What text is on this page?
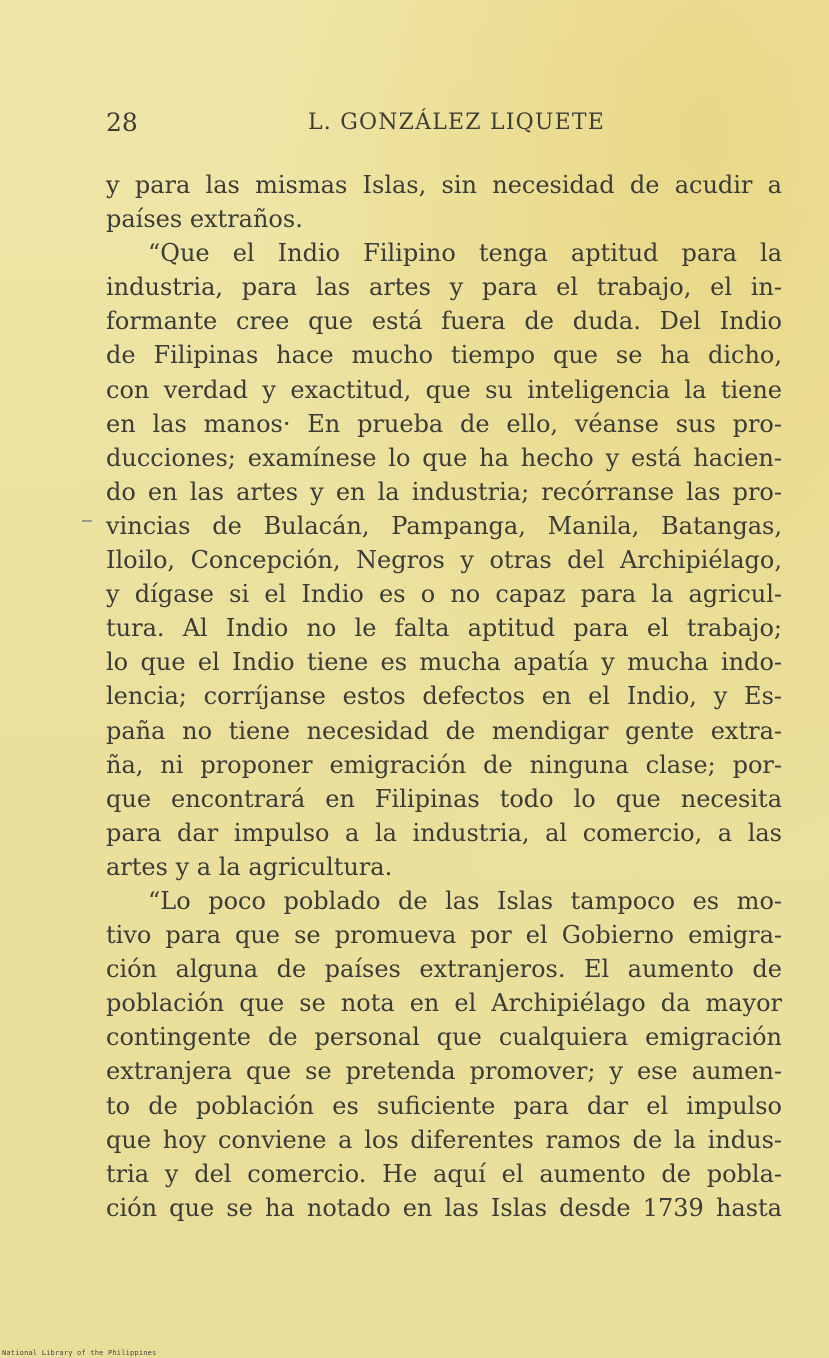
28	L. GONZÁLEZ LIQUETE
y para las mismas Islas, sin necesidad de acudir a
países extraños.
“Que el Indio Filipino tenga aptitud para la
industria, para las artes y para el trabajo, el in-
formante cree que está fuera de duda. Del Indio
de Filipinas hace mucho tiempo que se ha dicho,
con verdad y exactitud, que su inteligencia la tiene
en las manos· En prueba de ello, véanse sus pro-
ducciones; examínese lo que ha hecho y está hacien-
do en las artes y en la industria; recórranse las pro-
vincias de Bulacán, Pampanga, Manila, Batangas,
Iloilo, Concepción, Negros y otras del Archipiélago,
y dígase si el Indio es o no capaz para la agricul-
tura. Al Indio no le falta aptitud para el trabajo;
lo que el Indio tiene es mucha apatía y mucha indo-
lencia; corríjanse estos defectos en el Indio, y Es-
paña no tiene necesidad de mendigar gente extra-
ña, ni proponer emigración de ninguna clase; por-
que encontrará en Filipinas todo lo que necesita
para dar impulso a la industria, al comercio, a las
artes y a la agricultura.
“Lo poco poblado de las Islas tampoco es mo-
tivo para que se promueva por el Gobierno emigra-
ción alguna de países extranjeros. El aumento de
población que se nota en el Archipiélago da mayor
contingente de personal que cualquiera emigración
extranjera que se pretenda promover; y ese aumen-
to de población es suficiente para dar el impulso
que hoy conviene a los diferentes ramos de la indus-
tria y del comercio. He aquí el aumento de pobla-
ción que se ha notado en las Islas desde 1739 hasta
National Library of the Philippines
